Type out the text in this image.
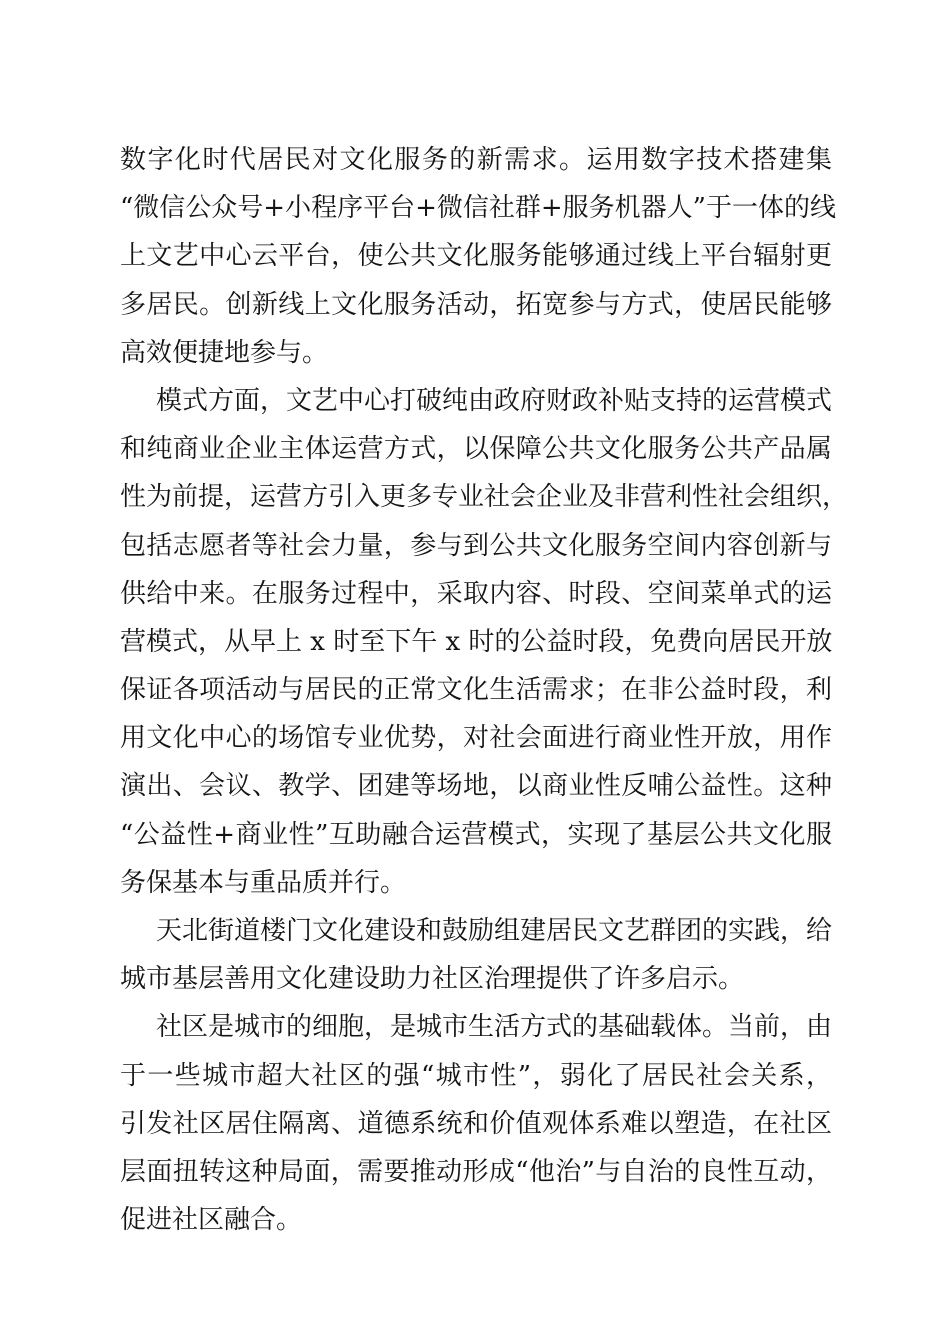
数字化时代居民对文化服务的新需求。运用数字技术搭建集
“微信公众号+小程序平台+微信社群+服务机器人”于一体的线
上文艺中心云平台，使公共文化服务能够通过线上平台辐射更
多居民。创新线上文化服务活动，拓宽参与方式，使居民能够
高效便捷地参与。
模式方面，文艺中心打破纯由政府财政补贴支持的运营模式
和纯商业企业主体运营方式，以保障公共文化服务公共产品属
性为前提，运营方引入更多专业社会企业及非营利性社会组织，
包括志愿者等社会力量，参与到公共文化服务空间内容创新与
供给中来。在服务过程中，采取内容、时段、空间菜单式的运
营模式，从早上 x 时至下午 x 时的公益时段，免费向居民开放
保证各项活动与居民的正常文化生活需求；在非公益时段，利
用文化中心的场馆专业优势，对社会面进行商业性开放，用作
演出、会议、教学、团建等场地，以商业性反哺公益性。这种
“公益性+商业性”互助融合运营模式，实现了基层公共文化服
务保基本与重品质并行。
天北街道楼门文化建设和鼓励组建居民文艺群团的实践，给
城市基层善用文化建设助力社区治理提供了许多启示。
社区是城市的细胞，是城市生活方式的基础载体。当前，由
于一些城市超大社区的强“城市性”，弱化了居民社会关系，
引发社区居住隔离、道德系统和价值观体系难以塑造，在社区
层面扭转这种局面，需要推动形成“他治”与自治的良性互动，
促进社区融合。
